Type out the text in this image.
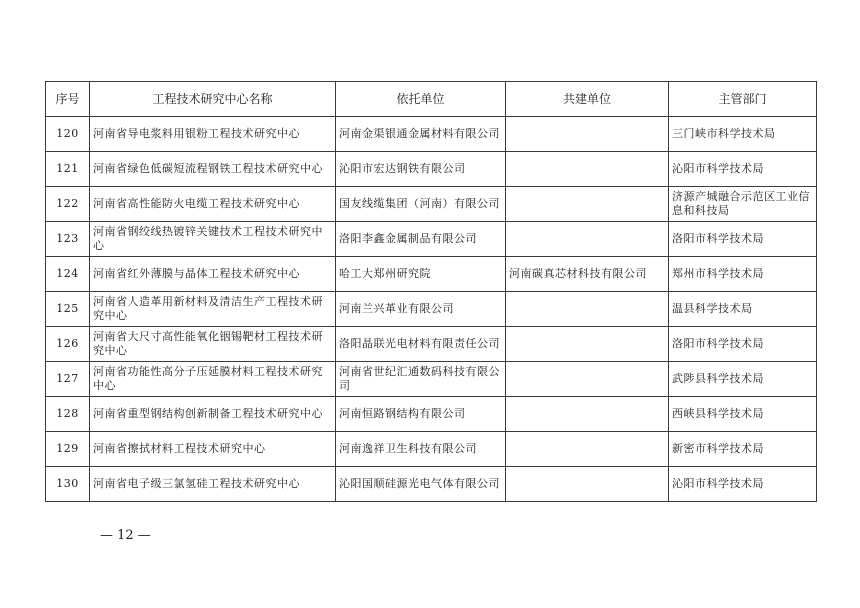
序号	工程技术研究中心名称	依托单位	共建单位	主管部门
120	河南省导电浆料用银粉工程技术研究中心	河南金渠银通金属材料有限公司		三门峡市科学技术局
121	河南省绿色低碳短流程钢铁工程技术研究中心	沁阳市宏达钢铁有限公司		沁阳市科学技术局
122	河南省高性能防火电缆工程技术研究中心	国友线缆集团（河南）有限公司		济源产城融合示范区工业信息和科技局
123	河南省钢绞线热镀锌关键技术工程技术研究中心	洛阳李鑫金属制品有限公司		洛阳市科学技术局
124	河南省红外薄膜与晶体工程技术研究中心	哈工大郑州研究院	河南碳真芯材科技有限公司	郑州市科学技术局
125	河南省人造革用新材料及清洁生产工程技术研究中心	河南兰兴革业有限公司		温县科学技术局
126	河南省大尺寸高性能氧化铟锡靶材工程技术研究中心	洛阳晶联光电材料有限责任公司		洛阳市科学技术局
127	河南省功能性高分子压延膜材料工程技术研究中心	河南省世纪汇通数码科技有限公司		武陟县科学技术局
128	河南省重型钢结构创新制备工程技术研究中心	河南恒路钢结构有限公司		西峡县科学技术局
129	河南省擦拭材料工程技术研究中心	河南逸祥卫生科技有限公司		新密市科学技术局
130	河南省电子级三氯氢硅工程技术研究中心	沁阳国顺硅源光电气体有限公司		沁阳市科学技术局
— 12 —
